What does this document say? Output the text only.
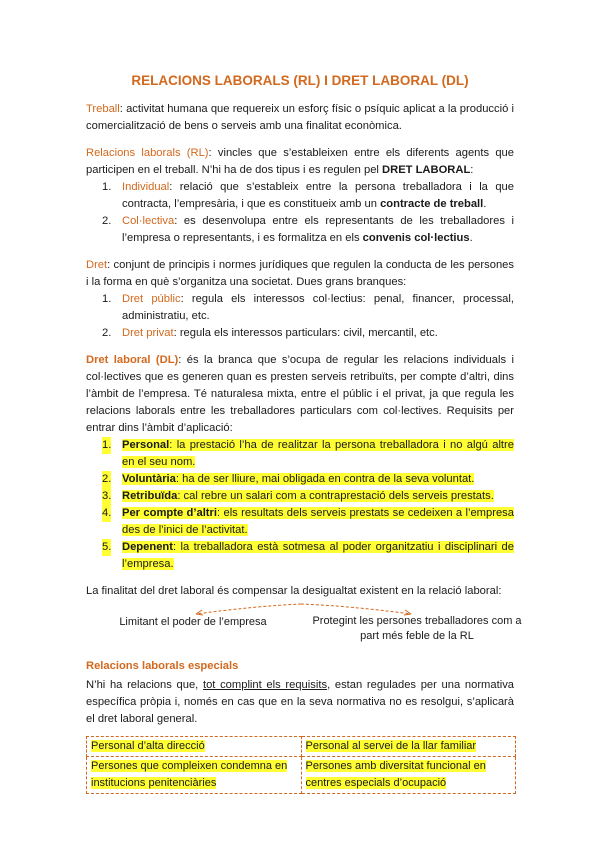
RELACIONS LABORALS (RL) I DRET LABORAL (DL)

Treball: activitat humana que requereix un esforç físic o psíquic aplicat a la producció i comercialització de bens o serveis amb una finalitat econòmica.

Relacions laborals (RL): vincles que s’estableixen entre els diferents agents que participen en el treball. N’hi ha de dos tipus i es regulen pel DRET LABORAL:

1. Individual: relació que s’estableix entre la persona treballadora i la que contracta, l’empresària, i que es constitueix amb un contracte de treball.
2. Col·lectiva: es desenvolupa entre els representants de les treballadores i l’empresa o representants, i es formalitza en els convenis col·lectius.

Dret: conjunt de principis i normes jurídiques que regulen la conducta de les persones i la forma en què s’organitza una societat. Dues grans branques:

1. Dret públic: regula els interessos col·lectius: penal, financer, processal, administratiu, etc.
2. Dret privat: regula els interessos particulars: civil, mercantil, etc.

Dret laboral (DL): és la branca que s’ocupa de regular les relacions individuals i col·lectives que es generen quan es presten serveis retribuïts, per compte d’altri, dins l’àmbit de l’empresa. Té naturalesa mixta, entre el públic i el privat, ja que regula les relacions laborals entre les treballadores particulars com col·lectives. Requisits per entrar dins l’àmbit d’aplicació:

1. Personal: la prestació l’ha de realitzar la persona treballadora i no algú altre en el seu nom.
2. Voluntària: ha de ser lliure, mai obligada en contra de la seva voluntat.
3. Retribuïda: cal rebre un salari com a contraprestació dels serveis prestats.
4. Per compte d’altri: els resultats dels serveis prestats se cedeixen a l’empresa des de l’inici de l’activitat.
5. Depenent: la treballadora està sotmesa al poder organitzatiu i disciplinari de l’empresa.

La finalitat del dret laboral és compensar la desigualtat existent en la relació laboral:

Limitant el poder de l’empresa	Protegint les persones treballadores com a part més feble de la RL
Relacions laborals especials

N’hi ha relacions que, tot complint els requisits, estan regulades per una normativa específica pròpia i, només en cas que en la seva normativa no es resolgui, s’aplicarà el dret laboral general.

Personal d’alta direcció	Personal al servei de la llar familiar
Persones que compleixen condemna en institucions penitenciàries	Persones amb diversitat funcional en centres especials d’ocupació
